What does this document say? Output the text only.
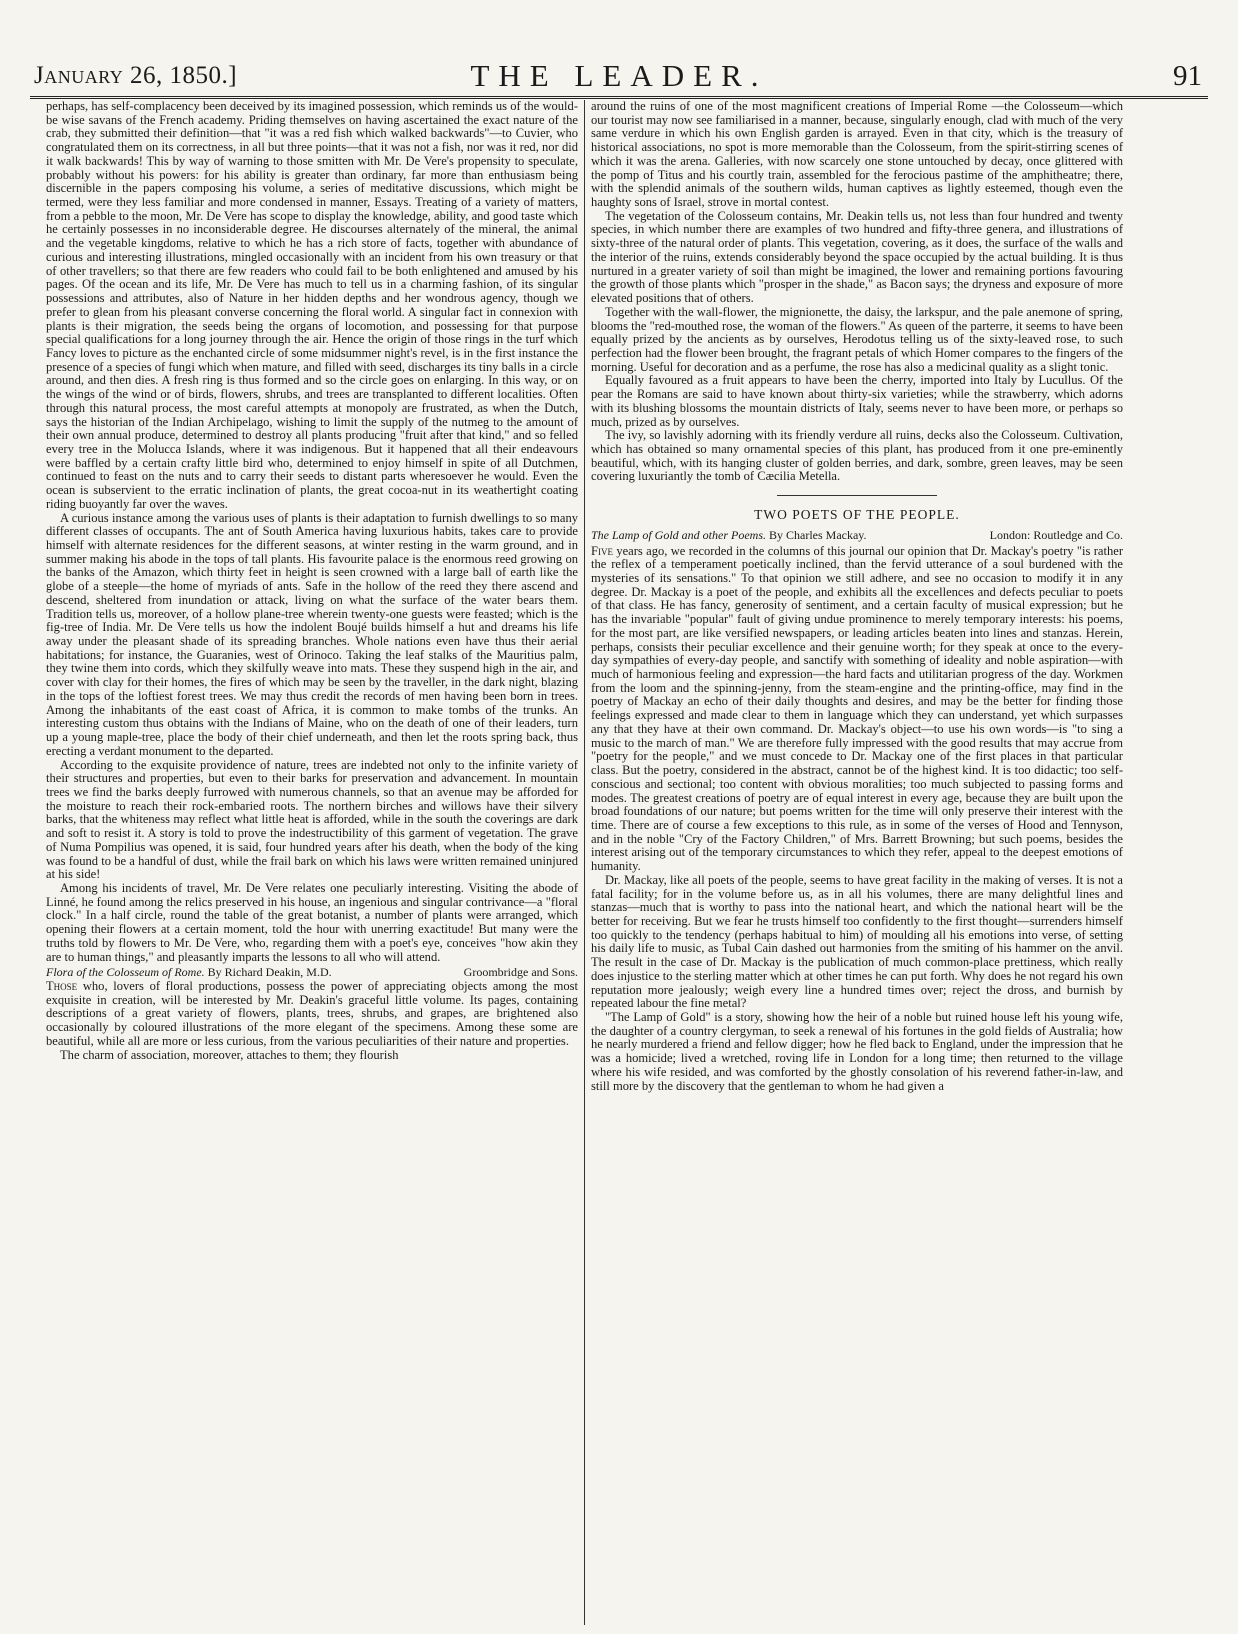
January 26, 1850.]	THE LEADER.	91

perhaps, has self-complacency been deceived by its imagined possession, which reminds us of the would-be wise savans of the French academy. Priding themselves on having ascertained the exact nature of the crab, they submitted their definition—that "it was a red fish which walked backwards"—to Cuvier, who congratulated them on its correctness, in all but three points—that it was not a fish, nor was it red, nor did it walk backwards! This by way of warning to those smitten with Mr. De Vere's propensity to speculate, probably without his powers: for his ability is greater than ordinary, far more than enthusiasm being discernible in the papers composing his volume, a series of meditative discussions, which might be termed, were they less familiar and more condensed in manner, Essays. Treating of a variety of matters, from a pebble to the moon, Mr. De Vere has scope to display the knowledge, ability, and good taste which he certainly possesses in no inconsiderable degree. He discourses alternately of the mineral, the animal and the vegetable kingdoms, relative to which he has a rich store of facts, together with abundance of curious and interesting illustrations, mingled occasionally with an incident from his own treasury or that of other travellers; so that there are few readers who could fail to be both enlightened and amused by his pages. Of the ocean and its life, Mr. De Vere has much to tell us in a charming fashion, of its singular possessions and attributes, also of Nature in her hidden depths and her wondrous agency, though we prefer to glean from his pleasant converse concerning the floral world. A singular fact in connexion with plants is their migration, the seeds being the organs of locomotion, and possessing for that purpose special qualifications for a long journey through the air. Hence the origin of those rings in the turf which Fancy loves to picture as the enchanted circle of some midsummer night's revel, is in the first instance the presence of a species of fungi which when mature, and filled with seed, discharges its tiny balls in a circle around, and then dies. A fresh ring is thus formed and so the circle goes on enlarging. In this way, or on the wings of the wind or of birds, flowers, shrubs, and trees are transplanted to different localities. Often through this natural process, the most careful attempts at monopoly are frustrated, as when the Dutch, says the historian of the Indian Archipelago, wishing to limit the supply of the nutmeg to the amount of their own annual produce, determined to destroy all plants producing "fruit after that kind," and so felled every tree in the Molucca Islands, where it was indigenous. But it happened that all their endeavours were baffled by a certain crafty little bird who, determined to enjoy himself in spite of all Dutchmen, continued to feast on the nuts and to carry their seeds to distant parts wheresoever he would. Even the ocean is subservient to the erratic inclination of plants, the great cocoa-nut in its weathertight coating riding buoyantly far over the waves.

A curious instance among the various uses of plants is their adaptation to furnish dwellings to so many different classes of occupants. The ant of South America having luxurious habits, takes care to provide himself with alternate residences for the different seasons, at winter resting in the warm ground, and in summer making his abode in the tops of tall plants. His favourite palace is the enormous reed growing on the banks of the Amazon, which thirty feet in height is seen crowned with a large ball of earth like the globe of a steeple—the home of myriads of ants. Safe in the hollow of the reed they there ascend and descend, sheltered from inundation or attack, living on what the surface of the water bears them. Tradition tells us, moreover, of a hollow plane-tree wherein twenty-one guests were feasted; which is the fig-tree of India. Mr. De Vere tells us how the indolent Boujé builds himself a hut and dreams his life away under the pleasant shade of its spreading branches. Whole nations even have thus their aerial habitations; for instance, the Guaranies, west of Orinoco. Taking the leaf stalks of the Mauritius palm, they twine them into cords, which they skilfully weave into mats. These they suspend high in the air, and cover with clay for their homes, the fires of which may be seen by the traveller, in the dark night, blazing in the tops of the loftiest forest trees. We may thus credit the records of men having been born in trees. Among the inhabitants of the east coast of Africa, it is common to make tombs of the trunks. An interesting custom thus obtains with the Indians of Maine, who on the death of one of their leaders, turn up a young maple-tree, place the body of their chief underneath, and then let the roots spring back, thus erecting a verdant monument to the departed.

According to the exquisite providence of nature, trees are indebted not only to the infinite variety of their structures and properties, but even to their barks for preservation and advancement. In mountain trees we find the barks deeply furrowed with numerous channels, so that an avenue may be afforded for the moisture to reach their rock-embaried roots. The northern birches and willows have their silvery barks, that the whiteness may reflect what little heat is afforded, while in the south the coverings are dark and soft to resist it. A story is told to prove the indestructibility of this garment of vegetation. The grave of Numa Pompilius was opened, it is said, four hundred years after his death, when the body of the king was found to be a handful of dust, while the frail bark on which his laws were written remained uninjured at his side!

Among his incidents of travel, Mr. De Vere relates one peculiarly interesting. Visiting the abode of Linné, he found among the relics preserved in his house, an ingenious and singular contrivance—a "floral clock." In a half circle, round the table of the great botanist, a number of plants were arranged, which opening their flowers at a certain moment, told the hour with unerring exactitude! But many were the truths told by flowers to Mr. De Vere, who, regarding them with a poet's eye, conceives "how akin they are to human things," and pleasantly imparts the lessons to all who will attend.

Flora of the Colosseum of Rome. By Richard Deakin, M.D.	Groombridge and Sons.

Those who, lovers of floral productions, possess the power of appreciating objects among the most exquisite in creation, will be interested by Mr. Deakin's graceful little volume. Its pages, containing descriptions of a great variety of flowers, plants, trees, shrubs, and grapes, are brightened also occasionally by coloured illustrations of the more elegant of the specimens. Among these some are beautiful, while all are more or less curious, from the various peculiarities of their nature and properties.

The charm of association, moreover, attaches to them; they flourish

around the ruins of one of the most magnificent creations of Imperial Rome —the Colosseum—which our tourist may now see familiarised in a manner, because, singularly enough, clad with much of the very same verdure in which his own English garden is arrayed. Even in that city, which is the treasury of historical associations, no spot is more memorable than the Colosseum, from the spirit-stirring scenes of which it was the arena. Galleries, with now scarcely one stone untouched by decay, once glittered with the pomp of Titus and his courtly train, assembled for the ferocious pastime of the amphitheatre; there, with the splendid animals of the southern wilds, human captives as lightly esteemed, though even the haughty sons of Israel, strove in mortal contest.

The vegetation of the Colosseum contains, Mr. Deakin tells us, not less than four hundred and twenty species, in which number there are examples of two hundred and fifty-three genera, and illustrations of sixty-three of the natural order of plants. This vegetation, covering, as it does, the surface of the walls and the interior of the ruins, extends considerably beyond the space occupied by the actual building. It is thus nurtured in a greater variety of soil than might be imagined, the lower and remaining portions favouring the growth of those plants which "prosper in the shade," as Bacon says; the dryness and exposure of more elevated positions that of others.

Together with the wall-flower, the mignionette, the daisy, the larkspur, and the pale anemone of spring, blooms the "red-mouthed rose, the woman of the flowers." As queen of the parterre, it seems to have been equally prized by the ancients as by ourselves, Herodotus telling us of the sixty-leaved rose, to such perfection had the flower been brought, the fragrant petals of which Homer compares to the fingers of the morning. Useful for decoration and as a perfume, the rose has also a medicinal quality as a slight tonic.

Equally favoured as a fruit appears to have been the cherry, imported into Italy by Lucullus. Of the pear the Romans are said to have known about thirty-six varieties; while the strawberry, which adorns with its blushing blossoms the mountain districts of Italy, seems never to have been more, or perhaps so much, prized as by ourselves.

The ivy, so lavishly adorning with its friendly verdure all ruins, decks also the Colosseum. Cultivation, which has obtained so many ornamental species of this plant, has produced from it one pre-eminently beautiful, which, with its hanging cluster of golden berries, and dark, sombre, green leaves, may be seen covering luxuriantly the tomb of Cæcilia Metella.

TWO POETS OF THE PEOPLE.
The Lamp of Gold and other Poems. By Charles Mackay.	London: Routledge and Co.

Five years ago, we recorded in the columns of this journal our opinion that Dr. Mackay's poetry "is rather the reflex of a temperament poetically inclined, than the fervid utterance of a soul burdened with the mysteries of its sensations." To that opinion we still adhere, and see no occasion to modify it in any degree. Dr. Mackay is a poet of the people, and exhibits all the excellences and defects peculiar to poets of that class. He has fancy, generosity of sentiment, and a certain faculty of musical expression; but he has the invariable "popular" fault of giving undue prominence to merely temporary interests: his poems, for the most part, are like versified newspapers, or leading articles beaten into lines and stanzas. Herein, perhaps, consists their peculiar excellence and their genuine worth; for they speak at once to the every-day sympathies of every-day people, and sanctify with something of ideality and noble aspiration—with much of harmonious feeling and expression—the hard facts and utilitarian progress of the day. Workmen from the loom and the spinning-jenny, from the steam-engine and the printing-office, may find in the poetry of Mackay an echo of their daily thoughts and desires, and may be the better for finding those feelings expressed and made clear to them in language which they can understand, yet which surpasses any that they have at their own command. Dr. Mackay's object—to use his own words—is "to sing a music to the march of man." We are therefore fully impressed with the good results that may accrue from "poetry for the people," and we must concede to Dr. Mackay one of the first places in that particular class. But the poetry, considered in the abstract, cannot be of the highest kind. It is too didactic; too self-conscious and sectional; too content with obvious moralities; too much subjected to passing forms and modes. The greatest creations of poetry are of equal interest in every age, because they are built upon the broad foundations of our nature; but poems written for the time will only preserve their interest with the time. There are of course a few exceptions to this rule, as in some of the verses of Hood and Tennyson, and in the noble "Cry of the Factory Children," of Mrs. Barrett Browning; but such poems, besides the interest arising out of the temporary circumstances to which they refer, appeal to the deepest emotions of humanity.

Dr. Mackay, like all poets of the people, seems to have great facility in the making of verses. It is not a fatal facility; for in the volume before us, as in all his volumes, there are many delightful lines and stanzas—much that is worthy to pass into the national heart, and which the national heart will be the better for receiving. But we fear he trusts himself too confidently to the first thought—surrenders himself too quickly to the tendency (perhaps habitual to him) of moulding all his emotions into verse, of setting his daily life to music, as Tubal Cain dashed out harmonies from the smiting of his hammer on the anvil. The result in the case of Dr. Mackay is the publication of much common-place prettiness, which really does injustice to the sterling matter which at other times he can put forth. Why does he not regard his own reputation more jealously; weigh every line a hundred times over; reject the dross, and burnish by repeated labour the fine metal?

"The Lamp of Gold" is a story, showing how the heir of a noble but ruined house left his young wife, the daughter of a country clergyman, to seek a renewal of his fortunes in the gold fields of Australia; how he nearly murdered a friend and fellow digger; how he fled back to England, under the impression that he was a homicide; lived a wretched, roving life in London for a long time; then returned to the village where his wife resided, and was comforted by the ghostly consolation of his reverend father-in-law, and still more by the discovery that the gentleman to whom he had given a
